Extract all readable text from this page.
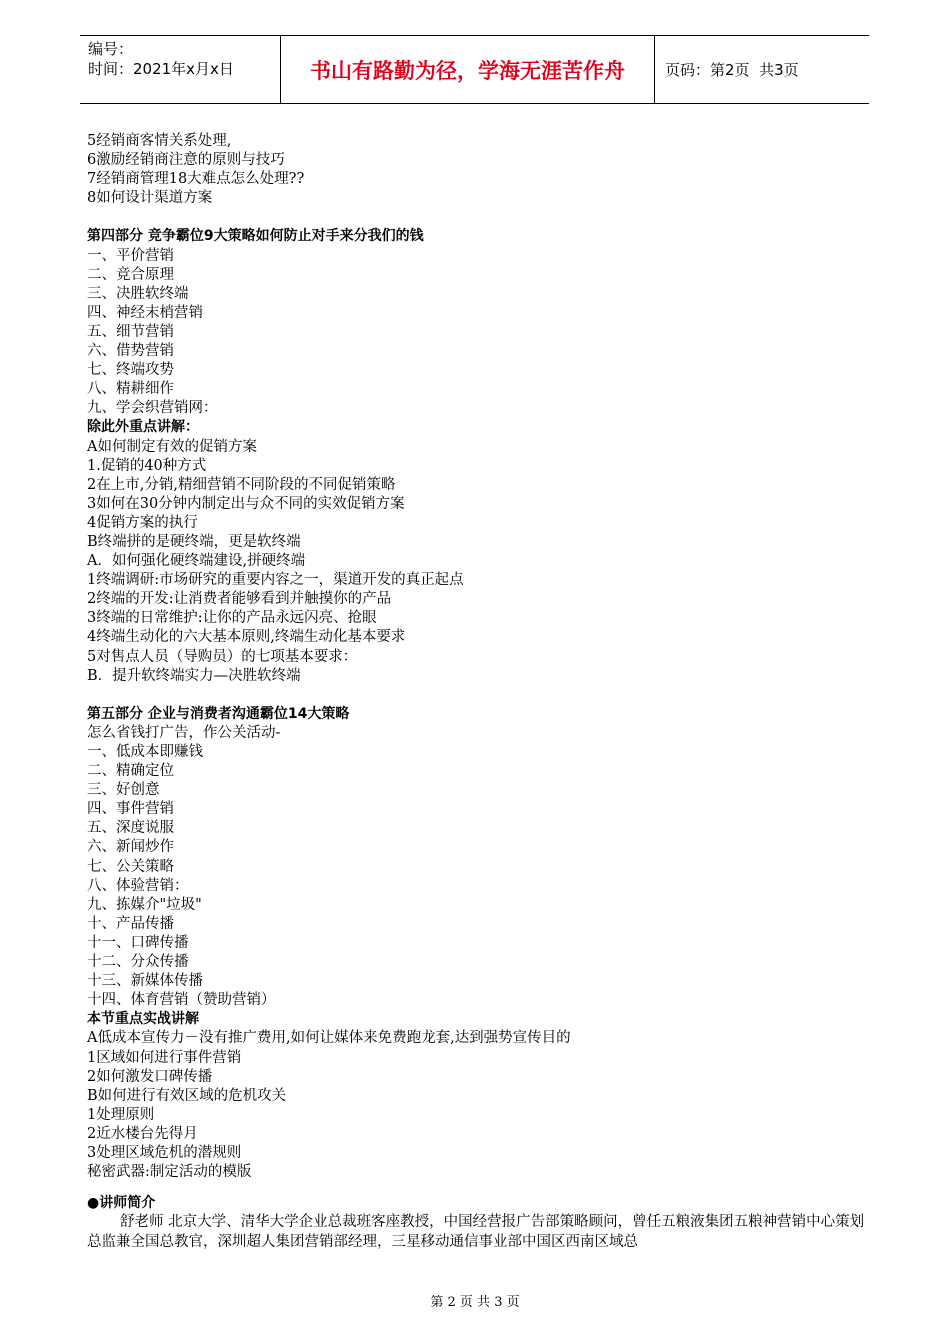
编号：
时间：2021年x月x日	书山有路勤为径，学海无涯苦作舟	页码：第2页  共3页
5经销商客情关系处理,
6激励经销商注意的原则与技巧
7经销商管理18大难点怎么处理??
8如何设计渠道方案
第四部分 竞争霸位9大策略如何防止对手来分我们的钱
一、平价营销
二、竞合原理
三、决胜软终端
四、神经末梢营销
五、细节营销
六、借势营销
七、终端攻势
八、精耕细作
九、学会织营销网：
除此外重点讲解：
A如何制定有效的促销方案
1.促销的40种方式
2在上市,分销,精细营销不同阶段的不同促销策略
3如何在30分钟内制定出与众不同的实效促销方案
4促销方案的执行
B终端拼的是硬终端，更是软终端
A．如何强化硬终端建设,拼硬终端
1终端调研:市场研究的重要内容之一，渠道开发的真正起点
2终端的开发:让消费者能够看到并触摸你的产品
3终端的日常维护:让你的产品永远闪亮、抢眼
4终端生动化的六大基本原则,终端生动化基本要求
5对售点人员（导购员）的七项基本要求：
B．提升软终端实力—决胜软终端
第五部分 企业与消费者沟通霸位14大策略
怎么省钱打广告，作公关活动-
一、低成本即赚钱
二、精确定位
三、好创意
四、事件营销
五、深度说服
六、新闻炒作
七、公关策略
八、体验营销：
九、拣媒介"垃圾"
十、产品传播
十一、口碑传播
十二、分众传播
十三、新媒体传播
十四、体育营销（赞助营销）
本节重点实战讲解
A低成本宣传力－没有推广费用,如何让媒体来免费跑龙套,达到强势宣传目的
1区域如何进行事件营销
2如何激发口碑传播
B如何进行有效区域的危机攻关
1处理原则
2近水楼台先得月
3处理区域危机的潜规则
秘密武器:制定活动的模版
●讲师简介
舒老师 北京大学、清华大学企业总裁班客座教授，中国经营报广告部策略顾问，曾任五粮液集团五粮神营销中心策划总监兼全国总教官，深圳超人集团营销部经理，三星移动通信事业部中国区西南区域总
第 2 页 共 3 页
